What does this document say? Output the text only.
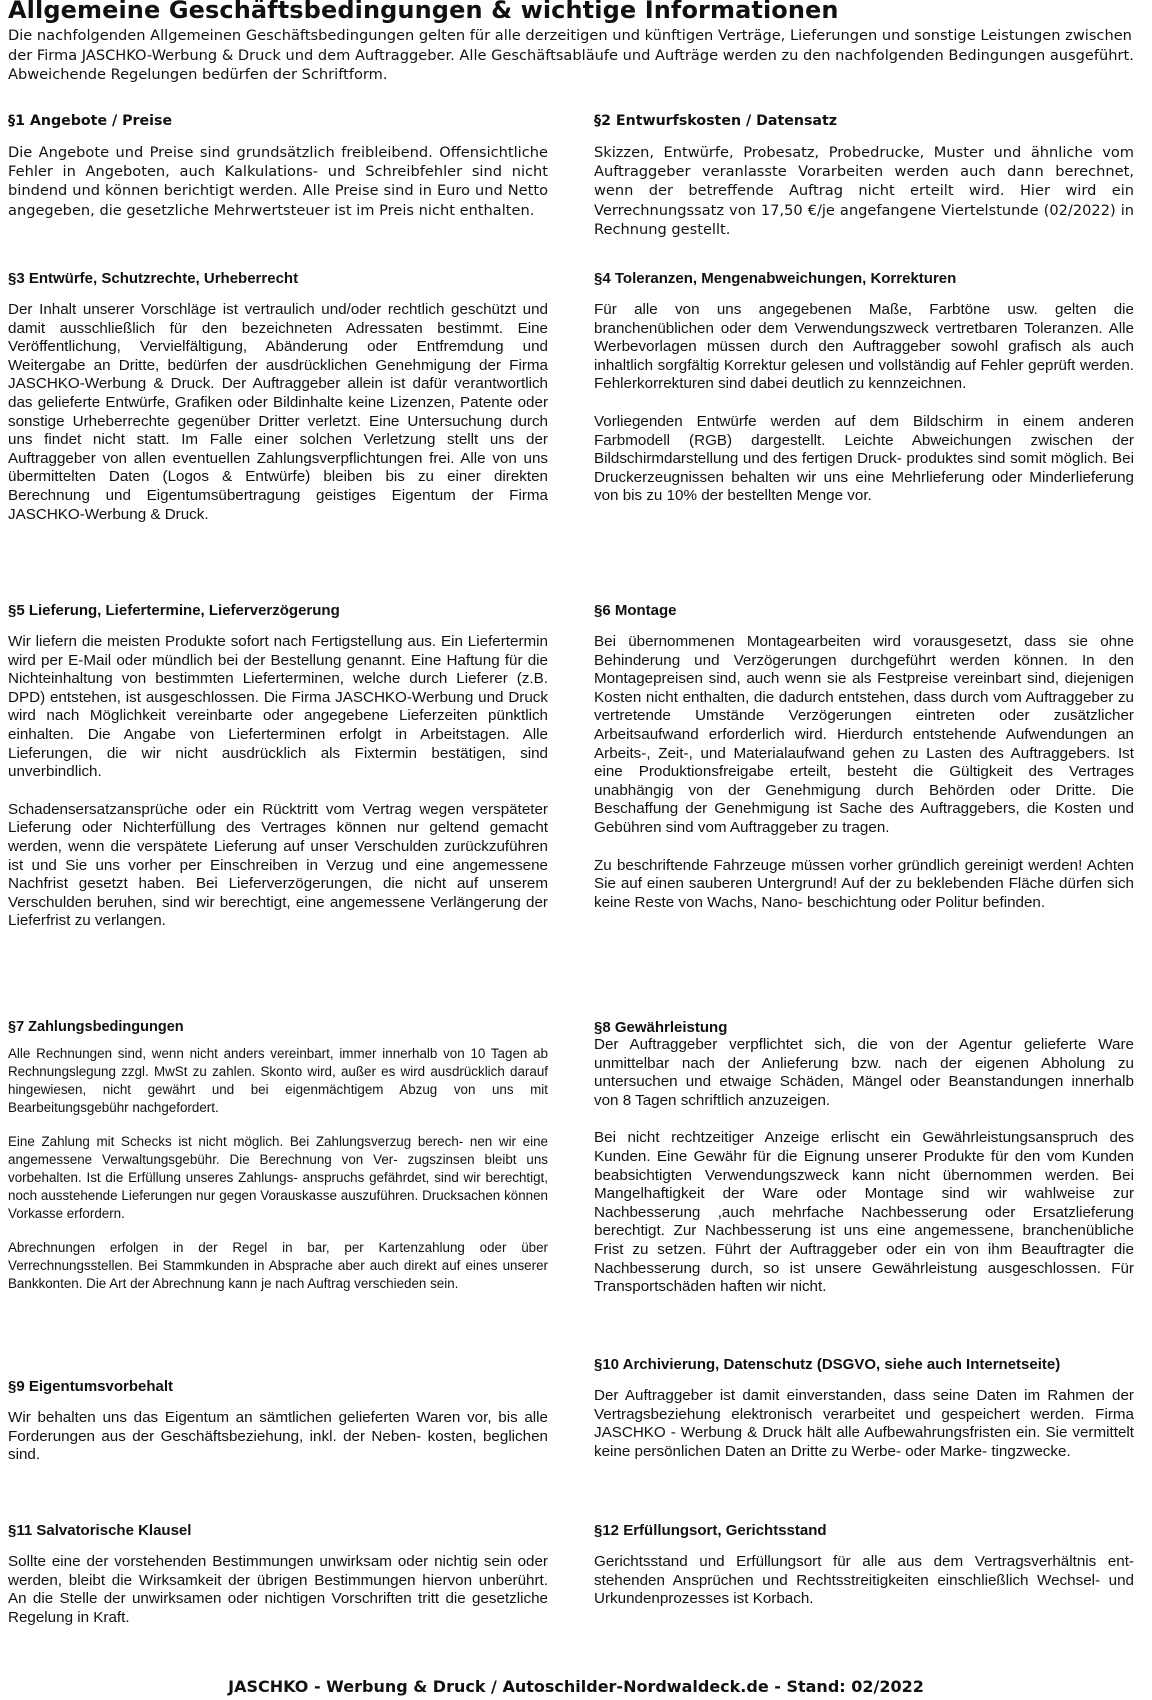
Allgemeine Geschäftsbedingungen & wichtige Informationen

Die nachfolgenden Allgemeinen Geschäftsbedingungen gelten für alle derzeitigen und künftigen Verträge, Lieferungen und sonstige Leistungen zwischen der Firma JASCHKO-Werbung & Druck und dem Auftraggeber. Alle Geschäftsabläufe und Aufträge werden zu den nachfolgenden Bedingungen ausgeführt. Abweichende Regelungen bedürfen der Schriftform.

§1 Angebote / Preise

Die Angebote und Preise sind grundsätzlich freibleibend. Offensichtliche Fehler in Angeboten, auch Kalkulations- und Schreibfehler sind nicht bindend und können berichtigt werden. Alle Preise sind in Euro und Netto angegeben, die gesetzliche Mehrwertsteuer ist im Preis nicht enthalten.

§2 Entwurfskosten / Datensatz

Skizzen, Entwürfe, Probesatz, Probedrucke, Muster und ähnliche vom Auftraggeber veranlasste Vorarbeiten werden auch dann berechnet, wenn der betreffende Auftrag nicht erteilt wird. Hier wird ein Verrechnungssatz von 17,50 €/je angefangene Viertelstunde (02/2022) in Rechnung gestellt.

§3 Entwürfe, Schutzrechte, Urheberrecht

Der Inhalt unserer Vorschläge ist vertraulich und/oder rechtlich geschützt und damit ausschließlich für den bezeichneten Adressaten bestimmt. Eine Veröffentlichung, Vervielfältigung, Abänderung oder Entfremdung und Weitergabe an Dritte, bedürfen der ausdrücklichen Genehmigung der Firma JASCHKO-Werbung & Druck. Der Auftraggeber allein ist dafür verantwortlich das gelieferte Entwürfe, Grafiken oder Bildinhalte keine Lizenzen, Patente oder sonstige Urheberrechte gegenüber Dritter verletzt. Eine Untersuchung durch uns findet nicht statt. Im Falle einer solchen Verletzung stellt uns der Auftraggeber von allen eventuellen Zahlungsverpflichtungen frei. Alle von uns übermittelten Daten (Logos & Entwürfe) bleiben bis zu einer direkten Berechnung und Eigentumsübertragung geistiges Eigentum der Firma JASCHKO-Werbung & Druck.

§4 Toleranzen, Mengenabweichungen, Korrekturen

Für alle von uns angegebenen Maße, Farbtöne usw. gelten die branchenüblichen oder dem Verwendungszweck vertretbaren Toleranzen. Alle Werbevorlagen müssen durch den Auftraggeber sowohl grafisch als auch inhaltlich sorgfältig Korrektur gelesen und vollständig auf Fehler geprüft werden. Fehlerkorrekturen sind dabei deutlich zu kennzeichnen.

Vorliegenden Entwürfe werden auf dem Bildschirm in einem anderen Farbmodell (RGB) dargestellt. Leichte Abweichungen zwischen der Bildschirmdarstellung und des fertigen Druck- produktes sind somit möglich. Bei Druckerzeugnissen behalten wir uns eine Mehrlieferung oder Minderlieferung von bis zu 10% der bestellten Menge vor.

§5 Lieferung, Liefertermine, Lieferverzögerung

Wir liefern die meisten Produkte sofort nach Fertigstellung aus. Ein Liefertermin wird per E-Mail oder mündlich bei der Bestellung genannt. Eine Haftung für die Nichteinhaltung von bestimmten Lieferterminen, welche durch Lieferer (z.B. DPD) entstehen, ist ausgeschlossen. Die Firma JASCHKO-Werbung und Druck wird nach Möglichkeit vereinbarte oder angegebene Lieferzeiten pünktlich einhalten. Die Angabe von Lieferterminen erfolgt in Arbeitstagen. Alle Lieferungen, die wir nicht ausdrücklich als Fixtermin bestätigen, sind unverbindlich.

Schadensersatzansprüche oder ein Rücktritt vom Vertrag wegen verspäteter Lieferung oder Nichterfüllung des Vertrages können nur geltend gemacht werden, wenn die verspätete Lieferung auf unser Verschulden zurückzuführen ist und Sie uns vorher per Einschreiben in Verzug und eine angemessene Nachfrist gesetzt haben. Bei Lieferverzögerungen, die nicht auf unserem Verschulden beruhen, sind wir berechtigt, eine angemessene Verlängerung der Lieferfrist zu verlangen.

§6 Montage

Bei übernommenen Montagearbeiten wird vorausgesetzt, dass sie ohne Behinderung und Verzögerungen durchgeführt werden können. In den Montagepreisen sind, auch wenn sie als Festpreise vereinbart sind, diejenigen Kosten nicht enthalten, die dadurch entstehen, dass durch vom Auftraggeber zu vertretende Umstände Verzögerungen eintreten oder zusätzlicher Arbeitsaufwand erforderlich wird. Hierdurch entstehende Aufwendungen an Arbeits-, Zeit-, und Materialaufwand gehen zu Lasten des Auftraggebers. Ist eine Produktionsfreigabe erteilt, besteht die Gültigkeit des Vertrages unabhängig von der Genehmigung durch Behörden oder Dritte. Die Beschaffung der Genehmigung ist Sache des Auftraggebers, die Kosten und Gebühren sind vom Auftraggeber zu tragen.

Zu beschriftende Fahrzeuge müssen vorher gründlich gereinigt werden! Achten Sie auf einen sauberen Untergrund! Auf der zu beklebenden Fläche dürfen sich keine Reste von Wachs, Nano- beschichtung oder Politur befinden.

§7 Zahlungsbedingungen

Alle Rechnungen sind, wenn nicht anders vereinbart, immer innerhalb von 10 Tagen ab Rechnungslegung zzgl. MwSt zu zahlen. Skonto wird, außer es wird ausdrücklich darauf hingewiesen, nicht gewährt und bei eigenmächtigem Abzug von uns mit Bearbeitungsgebühr nachgefordert.

Eine Zahlung mit Schecks ist nicht möglich. Bei Zahlungsverzug berech- nen wir eine angemessene Verwaltungsgebühr. Die Berechnung von Ver- zugszinsen bleibt uns vorbehalten. Ist die Erfüllung unseres Zahlungs- anspruchs gefährdet, sind wir berechtigt, noch ausstehende Lieferungen nur gegen Vorauskasse auszuführen. Drucksachen können Vorkasse erfordern.

Abrechnungen erfolgen in der Regel in bar, per Kartenzahlung oder über Verrechnungsstellen. Bei Stammkunden in Absprache aber auch direkt auf eines unserer Bankkonten. Die Art der Abrechnung kann je nach Auftrag verschieden sein.

§8 Gewährleistung

Der Auftraggeber verpflichtet sich, die von der Agentur gelieferte Ware unmittelbar nach der Anlieferung bzw. nach der eigenen Abholung zu untersuchen und etwaige Schäden, Mängel oder Beanstandungen innerhalb von 8 Tagen schriftlich anzuzeigen.

Bei nicht rechtzeitiger Anzeige erlischt ein Gewährleistungsanspruch des Kunden. Eine Gewähr für die Eignung unserer Produkte für den vom Kunden beabsichtigten Verwendungszweck kann nicht übernommen werden. Bei Mangelhaftigkeit der Ware oder Montage sind wir wahlweise zur Nachbesserung ,auch mehrfache Nachbesserung oder Ersatzlieferung berechtigt. Zur Nachbesserung ist uns eine angemessene, branchenübliche Frist zu setzen. Führt der Auftraggeber oder ein von ihm Beauftragter die Nachbesserung durch, so ist unsere Gewährleistung ausgeschlossen. Für Transportschäden haften wir nicht.

§9 Eigentumsvorbehalt

Wir behalten uns das Eigentum an sämtlichen gelieferten Waren vor, bis alle Forderungen aus der Geschäftsbeziehung, inkl. der Neben- kosten, beglichen sind.

§10 Archivierung, Datenschutz (DSGVO, siehe auch Internetseite)

Der Auftraggeber ist damit einverstanden, dass seine Daten im Rahmen der Vertragsbeziehung elektronisch verarbeitet und gespeichert werden. Firma JASCHKO - Werbung & Druck hält alle Aufbewahrungsfristen ein. Sie vermittelt keine persönlichen Daten an Dritte zu Werbe- oder Marke- tingzwecke.

§11 Salvatorische Klausel

Sollte eine der vorstehenden Bestimmungen unwirksam oder nichtig sein oder werden, bleibt die Wirksamkeit der übrigen Bestimmungen hiervon unberührt. An die Stelle der unwirksamen oder nichtigen Vorschriften tritt die gesetzliche Regelung in Kraft.

§12 Erfüllungsort, Gerichtsstand

Gerichtsstand und Erfüllungsort für alle aus dem Vertragsverhältnis ent- stehenden Ansprüchen und Rechtsstreitigkeiten einschließlich Wechsel- und Urkundenprozesses ist Korbach.

JASCHKO - Werbung & Druck / Autoschilder-Nordwaldeck.de - Stand: 02/2022
